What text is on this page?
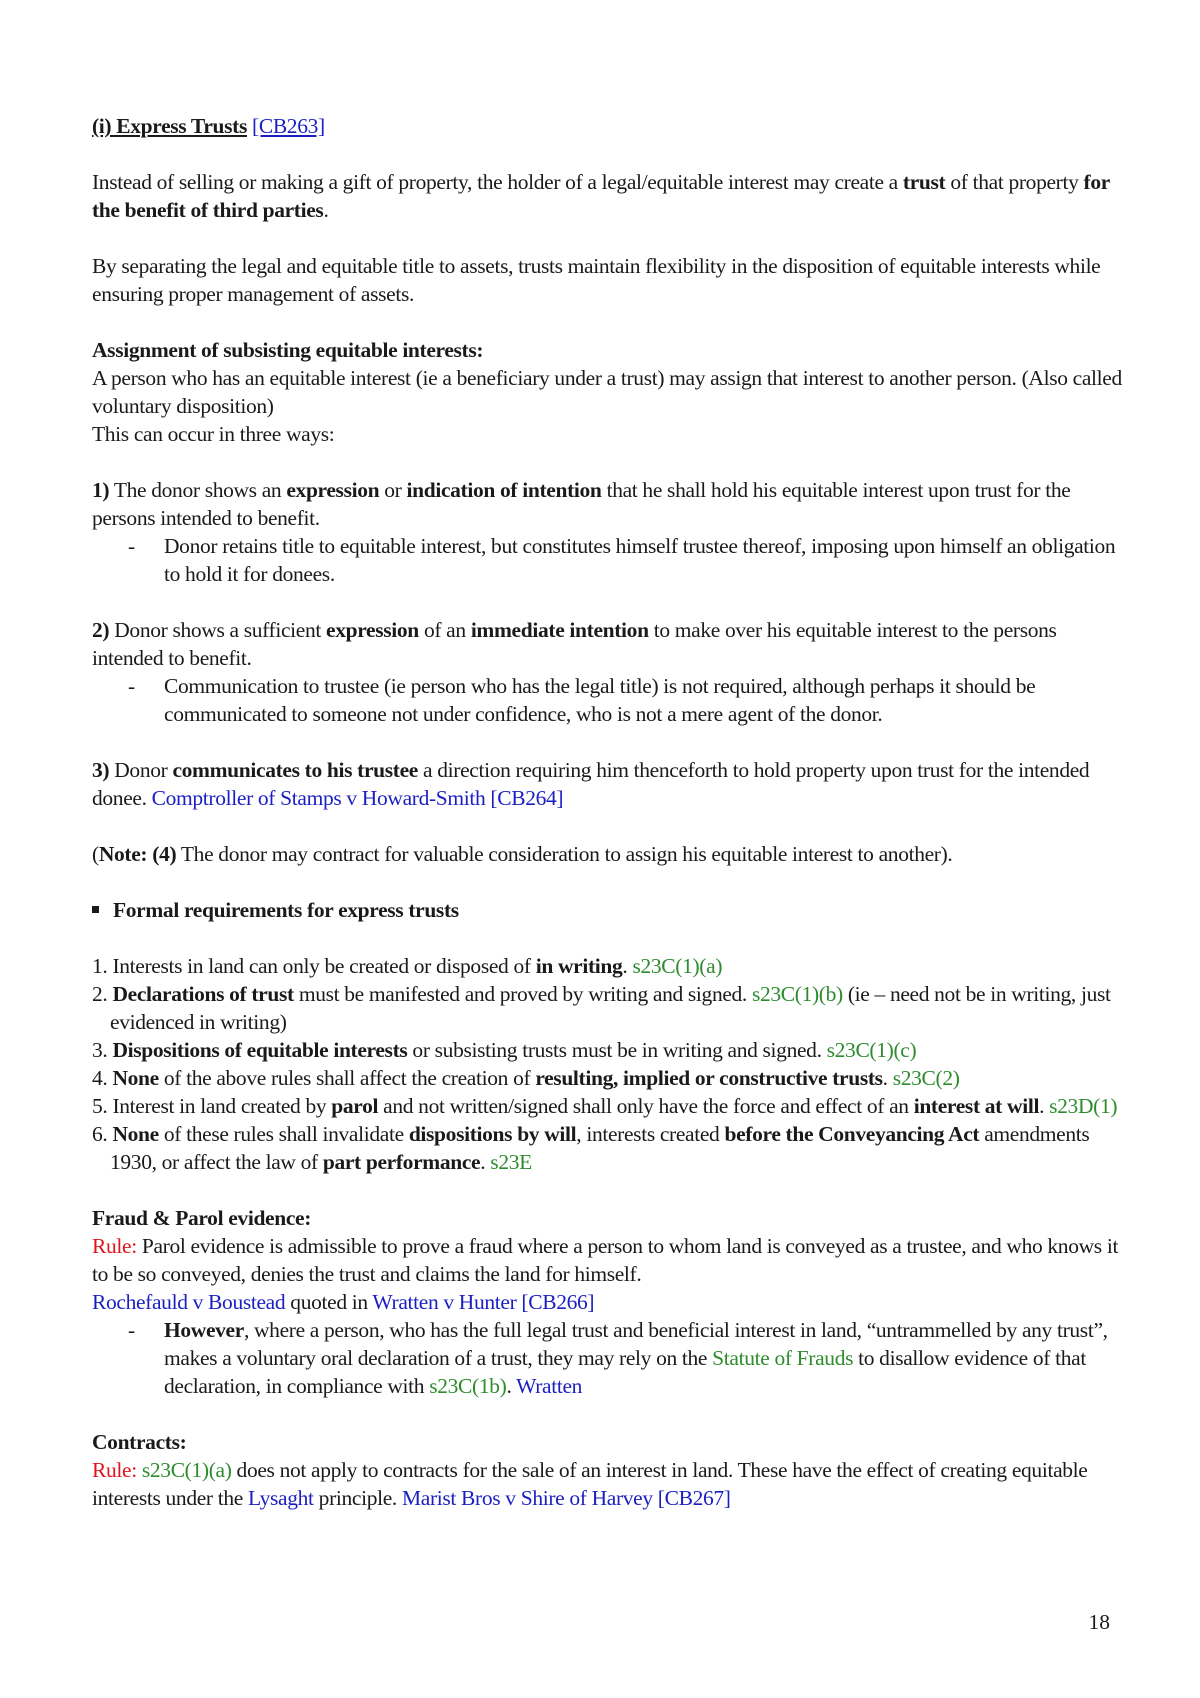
(i) Express Trusts [CB263]

Instead of selling or making a gift of property, the holder of a legal/equitable interest may create a trust of that property for the benefit of third parties.

By separating the legal and equitable title to assets, trusts maintain flexibility in the disposition of equitable interests while ensuring proper management of assets.

Assignment of subsisting equitable interests:

A person who has an equitable interest (ie a beneficiary under a trust) may assign that interest to another person. (Also called voluntary disposition)

This can occur in three ways:

1) The donor shows an expression or indication of intention that he shall hold his equitable interest upon trust for the persons intended to benefit.

- Donor retains title to equitable interest, but constitutes himself trustee thereof, imposing upon himself an obligation to hold it for donees.

2) Donor shows a sufficient expression of an immediate intention to make over his equitable interest to the persons intended to benefit.

- Communication to trustee (ie person who has the legal title) is not required, although perhaps it should be communicated to someone not under confidence, who is not a mere agent of the donor.

3) Donor communicates to his trustee a direction requiring him thenceforth to hold property upon trust for the intended donee. Comptroller of Stamps v Howard-Smith [CB264]

(Note: (4) The donor may contract for valuable consideration to assign his equitable interest to another).

Formal requirements for express trusts

1. Interests in land can only be created or disposed of in writing. s23C(1)(a)

2. Declarations of trust must be manifested and proved by writing and signed. s23C(1)(b) (ie – need not be in writing, just evidenced in writing)

3. Dispositions of equitable interests or subsisting trusts must be in writing and signed. s23C(1)(c)

4. None of the above rules shall affect the creation of resulting, implied or constructive trusts. s23C(2)

5. Interest in land created by parol and not written/signed shall only have the force and effect of an interest at will. s23D(1)

6. None of these rules shall invalidate dispositions by will, interests created before the Conveyancing Act amendments 1930, or affect the law of part performance. s23E

Fraud & Parol evidence:

Rule: Parol evidence is admissible to prove a fraud where a person to whom land is conveyed as a trustee, and who knows it to be so conveyed, denies the trust and claims the land for himself.

Rochefauld v Boustead quoted in Wratten v Hunter [CB266]

- However, where a person, who has the full legal trust and beneficial interest in land, “untrammelled by any trust”, makes a voluntary oral declaration of a trust, they may rely on the Statute of Frauds to disallow evidence of that declaration, in compliance with s23C(1b). Wratten

Contracts:

Rule: s23C(1)(a) does not apply to contracts for the sale of an interest in land. These have the effect of creating equitable interests under the Lysaght principle. Marist Bros v Shire of Harvey [CB267]

18
